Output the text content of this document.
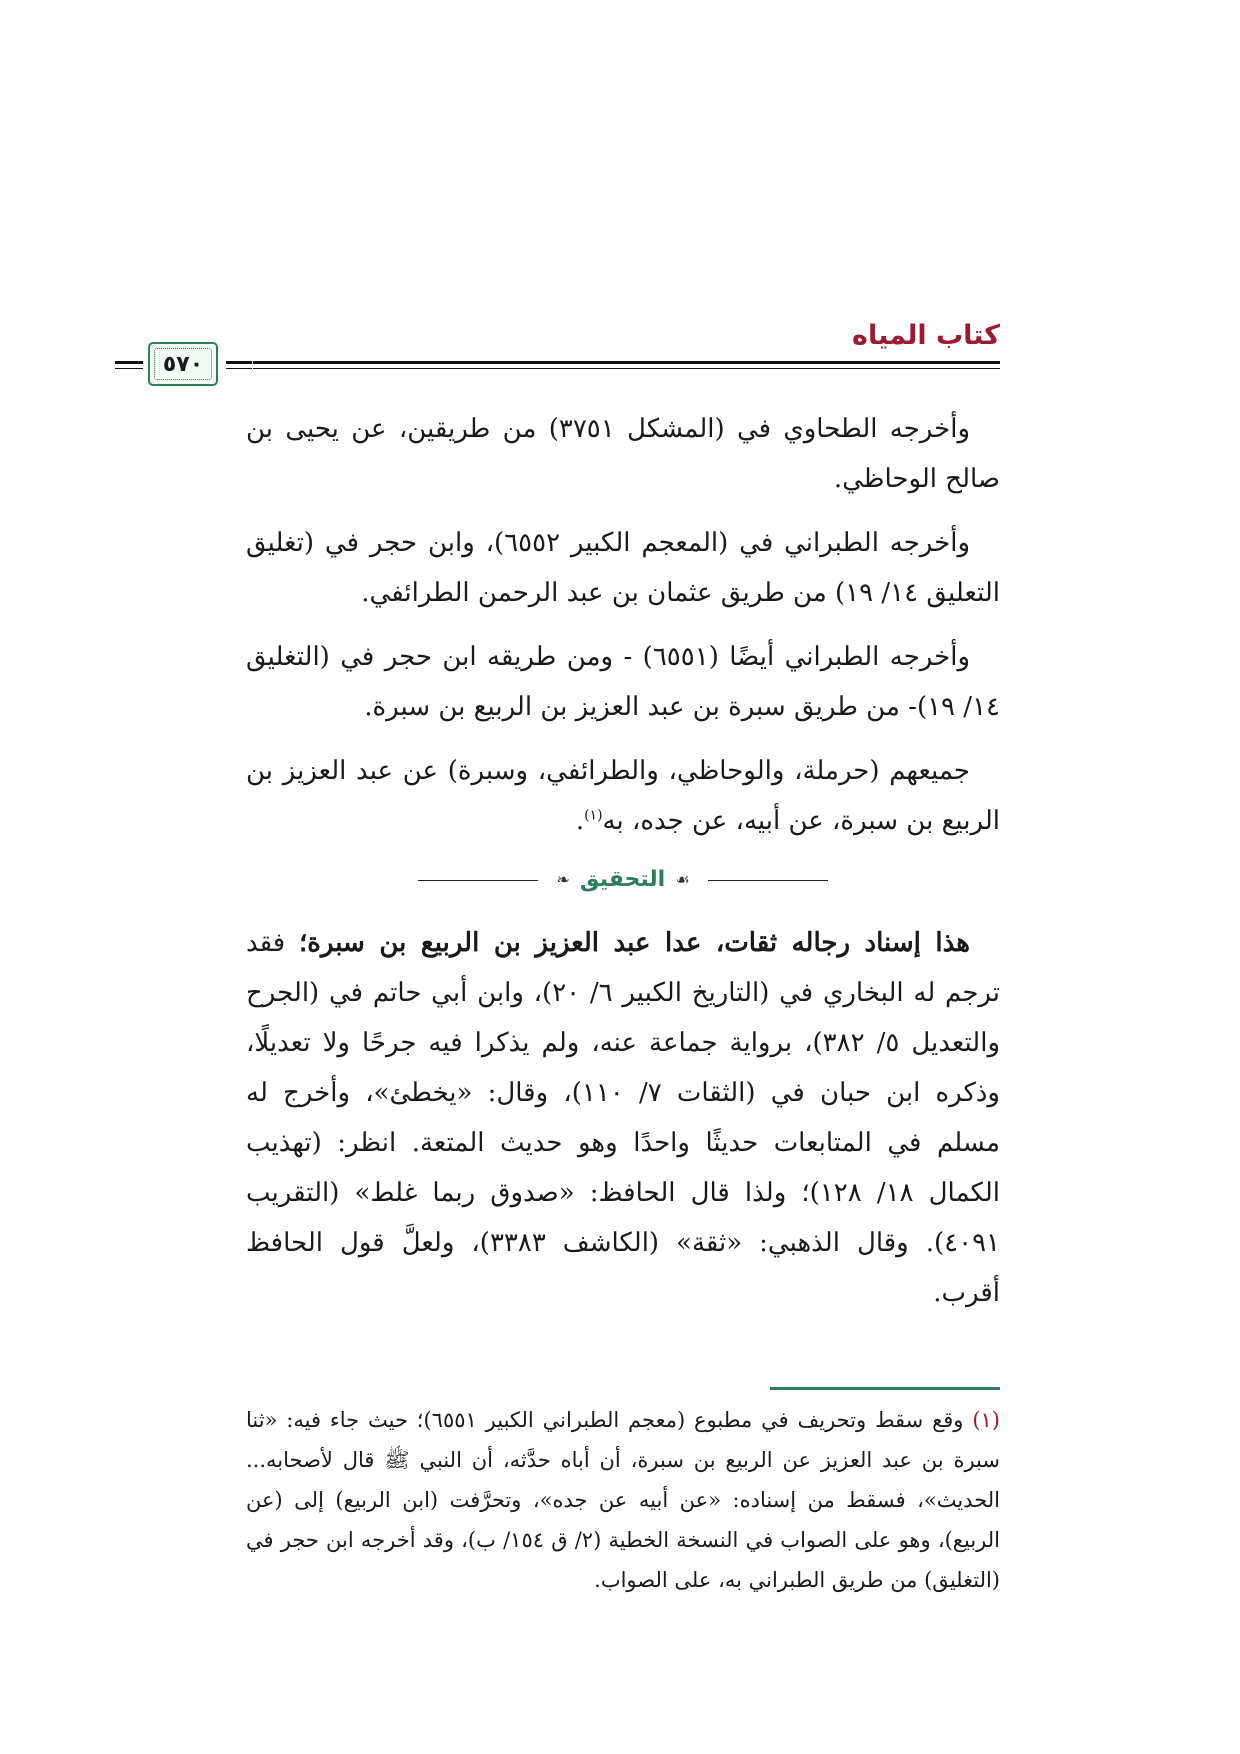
كتاب المياه
٥٧٠

وأخرجه الطحاوي في (المشكل ٣٧٥١) من طريقين، عن يحيى بن صالح الوحاظي.

وأخرجه الطبراني في (المعجم الكبير ٦٥٥٢)، وابن حجر في (تغليق التعليق ١٤/ ١٩) من طريق عثمان بن عبد الرحمن الطرائفي.

وأخرجه الطبراني أيضًا (٦٥٥١) - ومن طريقه ابن حجر في (التغليق ١٤/ ١٩)- من طريق سبرة بن عبد العزيز بن الربيع بن سبرة.

جميعهم (حرملة، والوحاظي، والطرائفي، وسبرة) عن عبد العزيز بن الربيع بن سبرة، عن أبيه، عن جده، به$^{(١)}$.

☙
التحقيق
❧

هذا إسناد رجاله ثقات، عدا عبد العزيز بن الربيع بن سبرة؛ فقد ترجم له البخاري في (التاريخ الكبير ٦/ ٢٠)، وابن أبي حاتم في (الجرح والتعديل ٥/ ٣٨٢)، برواية جماعة عنه، ولم يذكرا فيه جرحًا ولا تعديلًا، وذكره ابن حبان في (الثقات ٧/ ١١٠)، وقال: «يخطئ»، وأخرج له مسلم في المتابعات حديثًا واحدًا وهو حديث المتعة. انظر: (تهذيب الكمال ١٨/ ١٢٨)؛ ولذا قال الحافظ: «صدوق ربما غلط» (التقريب ٤٠٩١). وقال الذهبي: «ثقة» (الكاشف ٣٣٨٣)، ولعلَّ قول الحافظ أقرب.

(١) وقع سقط وتحريف في مطبوع (معجم الطبراني الكبير ٦٥٥١)؛ حيث جاء فيه: «ثنا سبرة بن عبد العزيز عن الربيع بن سبرة، أن أباه حدَّثه، أن النبي ﷺ قال لأصحابه... الحديث»، فسقط من إسناده: «عن أبيه عن جده»، وتحرَّفت (ابن الربيع) إلى (عن الربيع)، وهو على الصواب في النسخة الخطية (٢/ ق ١٥٤/ ب)، وقد أخرجه ابن حجر في (التغليق) من طريق الطبراني به، على الصواب.
